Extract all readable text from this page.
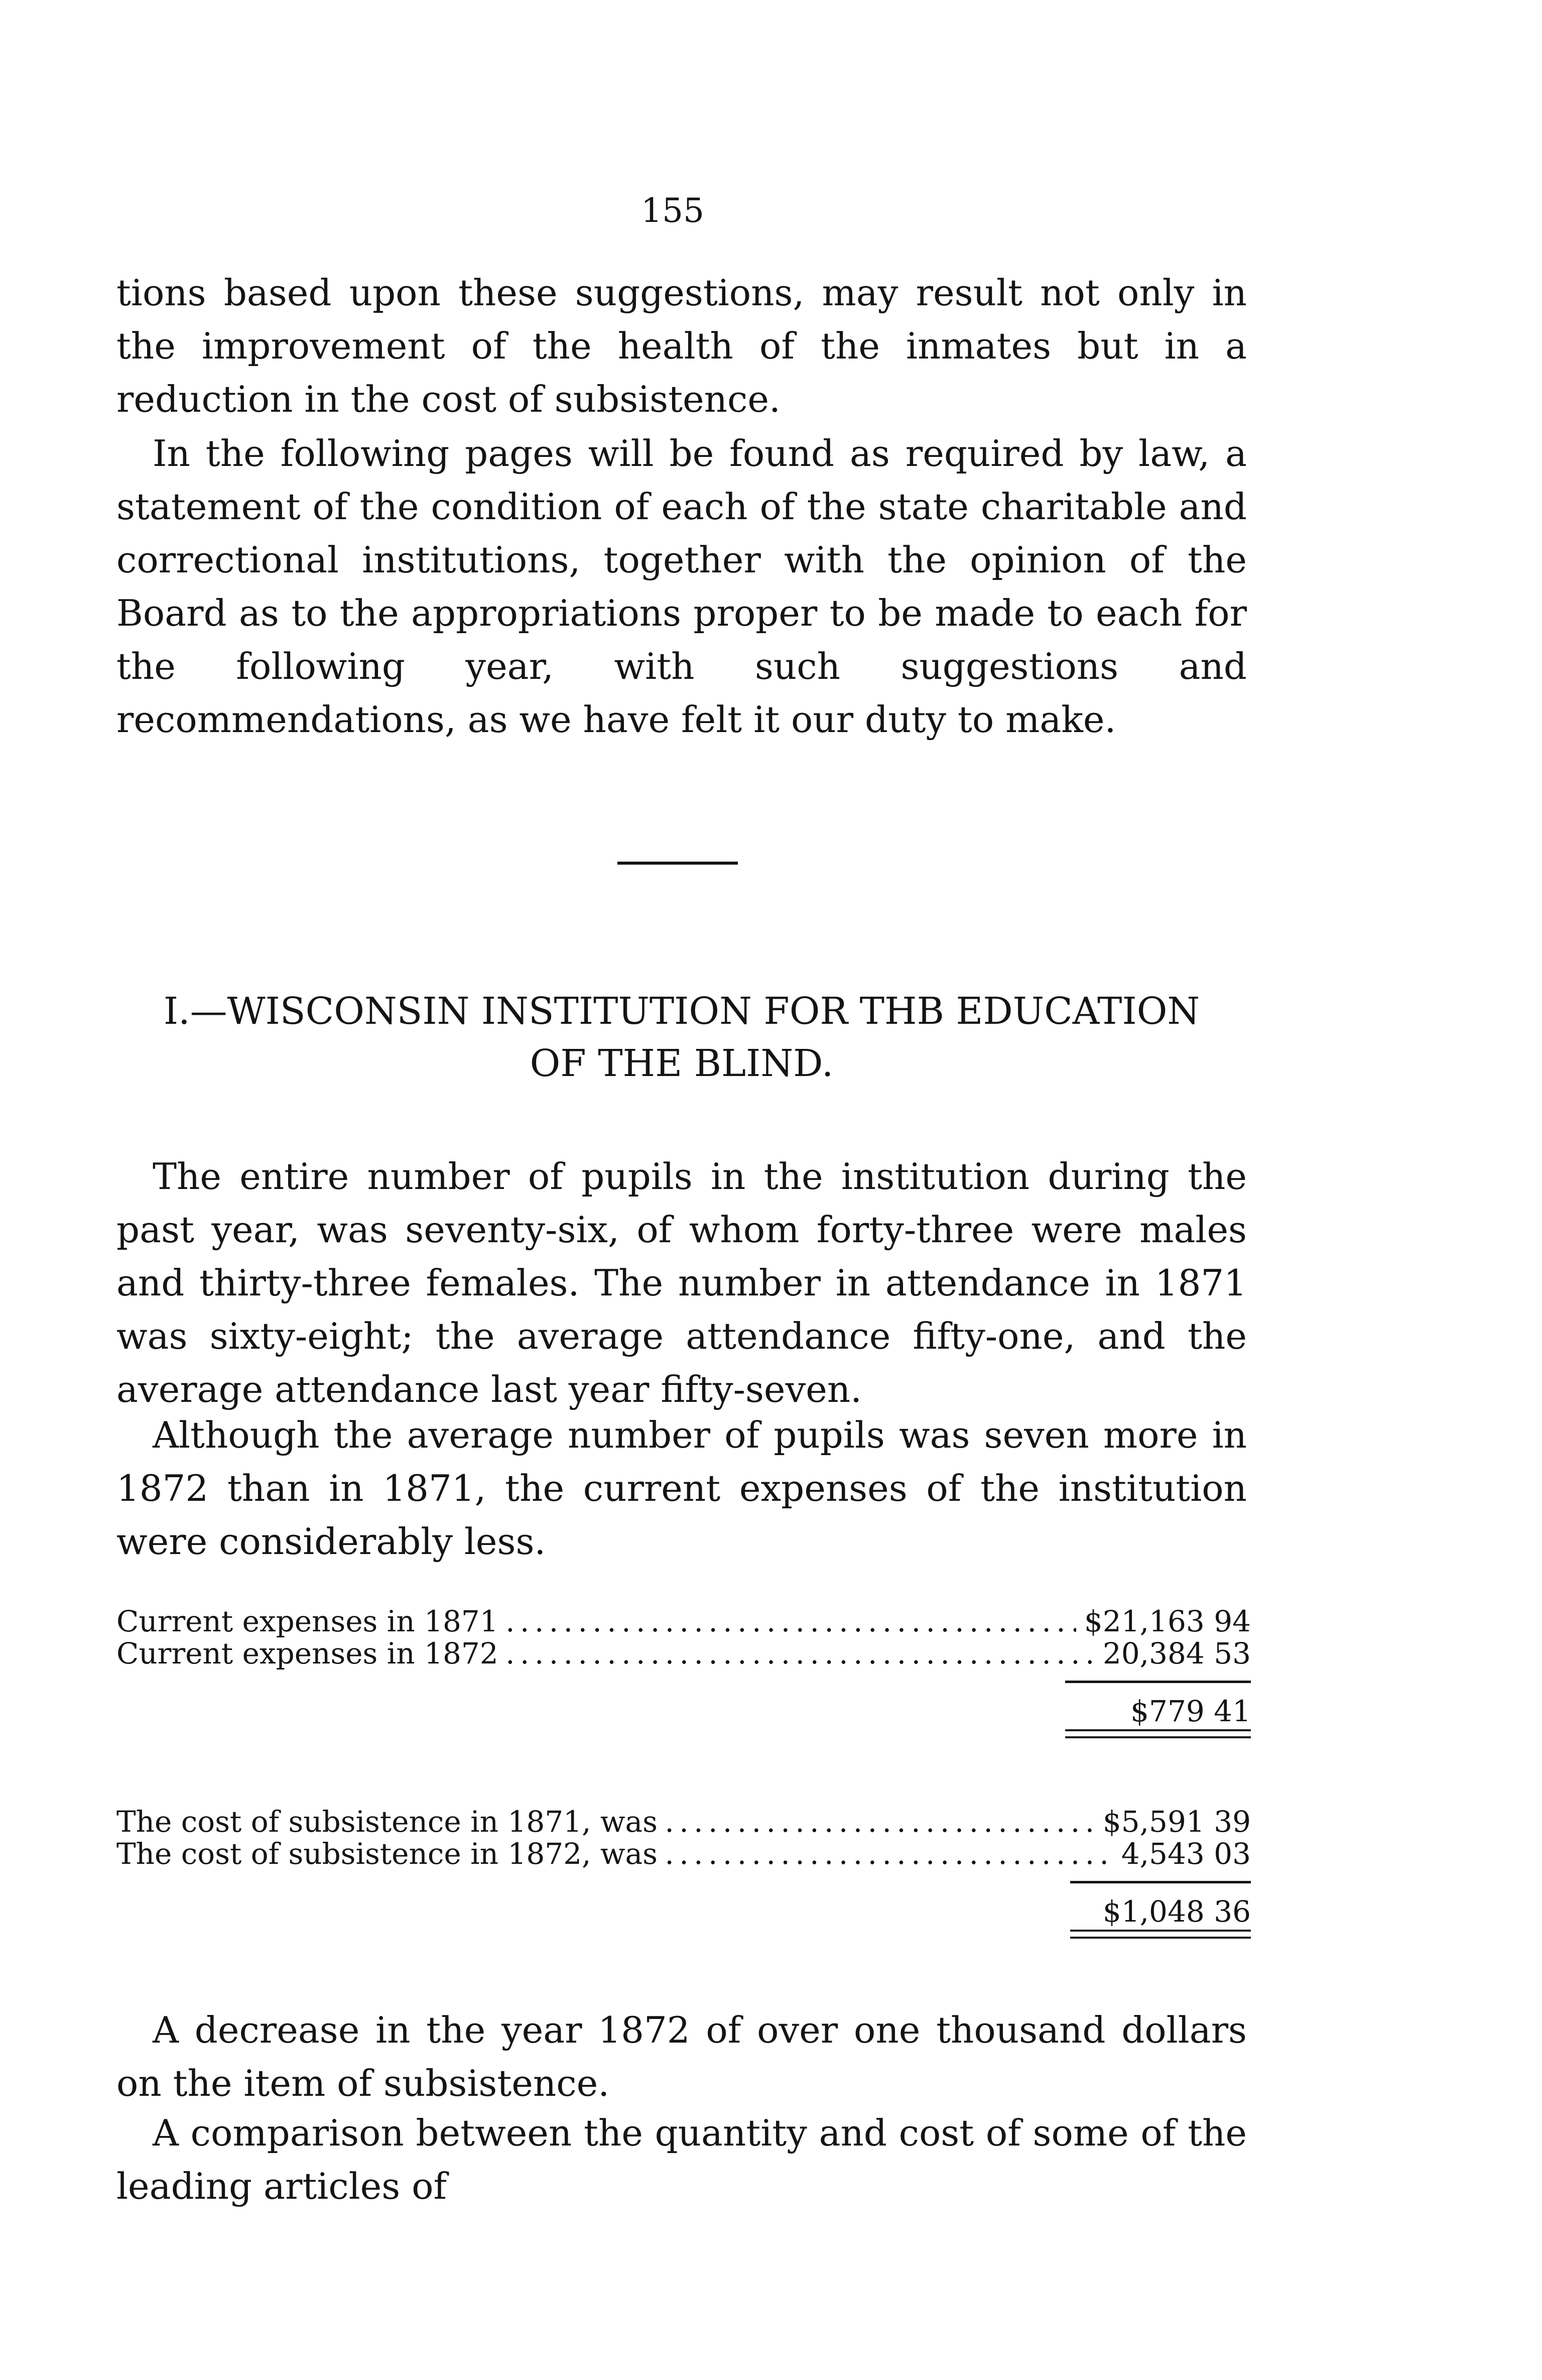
155

tions based upon these suggestions, may result not only in the improvement of the health of the inmates but in a reduction in the cost of subsistence.

In the following pages will be found as required by law, a statement of the condition of each of the state charitable and correctional institutions, together with the opinion of the Board as to the appropriations proper to be made to each for the following year, with such suggestions and recommendations, as we have felt it our duty to make.

I.—WISCONSIN INSTITUTION FOR THB EDUCATION
OF THE BLIND.

The entire number of pupils in the institution during the past year, was seventy-six, of whom forty-three were males and thirty-three females. The number in attendance in 1871 was sixty-eight; the average attendance fifty-one, and the average attendance last year fifty-seven.

Although the average number of pupils was seven more in 1872 than in 1871, the current expenses of the institution were considerably less.

Current expenses in 1871 . . .	$21,163 94
Current expenses in 1872 . . .	20,384 53
$779 41
The cost of subsistence in 1871, was . . .	$5,591 39
The cost of subsistence in 1872, was . . .	4,543 03
$1,048 36

A decrease in the year 1872 of over one thousand dollars on the item of subsistence.

A comparison between the quantity and cost of some of the leading articles of
